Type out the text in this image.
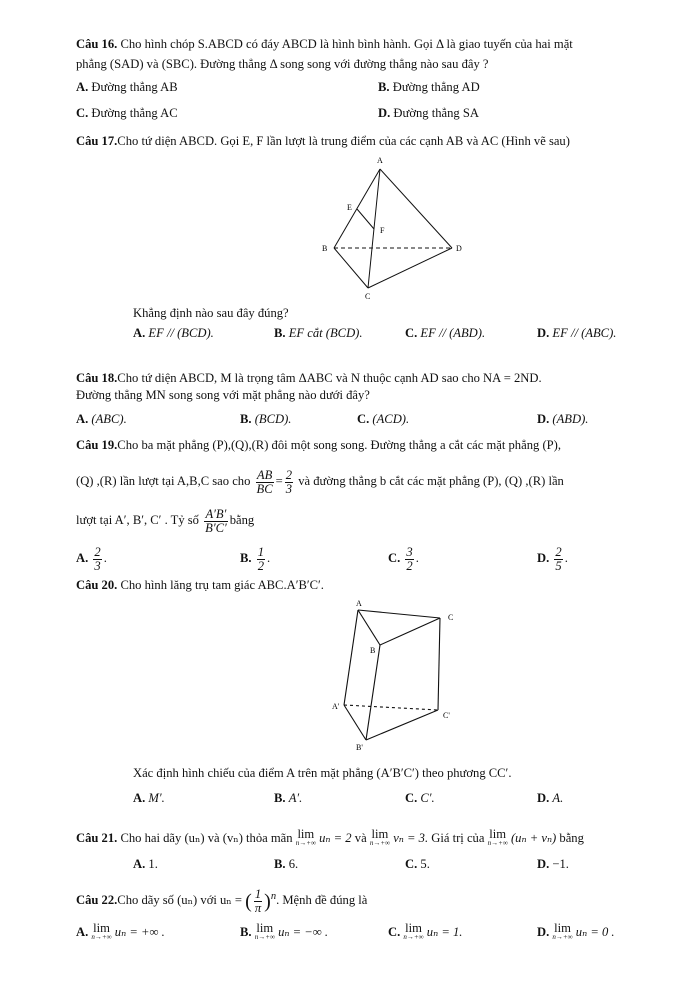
Câu 16. Cho hình chóp S.ABCD có đáy ABCD là hình bình hành. Gọi Δ là giao tuyến của hai mặt
phẳng (SAD) và (SBC). Đường thẳng Δ song song với đường thẳng nào sau đây ?
A. Đường thẳng AB	B. Đường thẳng AD
C. Đường thẳng AC	D. Đường thẳng SA
Câu 17.Cho tứ diện ABCD. Gọi E, F lần lượt là trung điểm của các cạnh AB và AC (Hình vẽ sau)
A
E
F
B	D
C
Khẳng định nào sau đây đúng?
A. EF // (BCD).	B. EF cắt (BCD).	C. EF // (ABD).	D. EF // (ABC).
Câu 18.Cho tứ diện ABCD, M là trọng tâm ΔABC và N thuộc cạnh AD sao cho NA = 2ND.
Đường thẳng MN song song với mặt phẳng nào dưới đây?
A. (ABC).	B. (BCD).	C. (ACD).	D. (ABD).
Câu 19.Cho ba mặt phẳng (P),(Q),(R) đôi một song song. Đường thẳng a cắt các mặt phẳng (P),
(Q) ,(R) lần lượt tại A,B,C sao cho $\frac{AB}{BC} = \frac{2}{3}$ và đường thẳng b cắt các mặt phẳng (P), (Q) ,(R) lần
lượt tại A′, B′, C′ . Tỷ số $\frac{A'B'}{B'C'}$ bằng
A. $\frac{2}{3}$ .	B. $\frac{1}{2}$ .	C. $\frac{3}{2}$ .	D. $\frac{2}{5}$ .
Câu 20. Cho hình lăng trụ tam giác ABC.A′B′C′.
A
C
B
A'
C'
B'
Xác định hình chiếu của điểm A trên mặt phẳng (A′B′C′) theo phương CC′.
A. M′.	B. A′.	C. C′.	D. A.
Câu 21. Cho hai dãy (uₙ) và (vₙ) thỏa mãn lim
n→+∞ uₙ = 2 và lim
n→+∞ vₙ = 3. Giá trị của lim
n→+∞ (uₙ + vₙ) bằng
A. 1.	B. 6.	C. 5.	D. −1.
Câu 22.Cho dãy số (uₙ) với uₙ = ( $\frac{1}{\pi} )^n$. Mệnh đề đúng là
A. lim
n→+∞ uₙ = +∞ .	B. lim
n→+∞ uₙ = −∞ .	C. lim
n→+∞ uₙ = 1.	D. lim
n→+∞ uₙ = 0 .
